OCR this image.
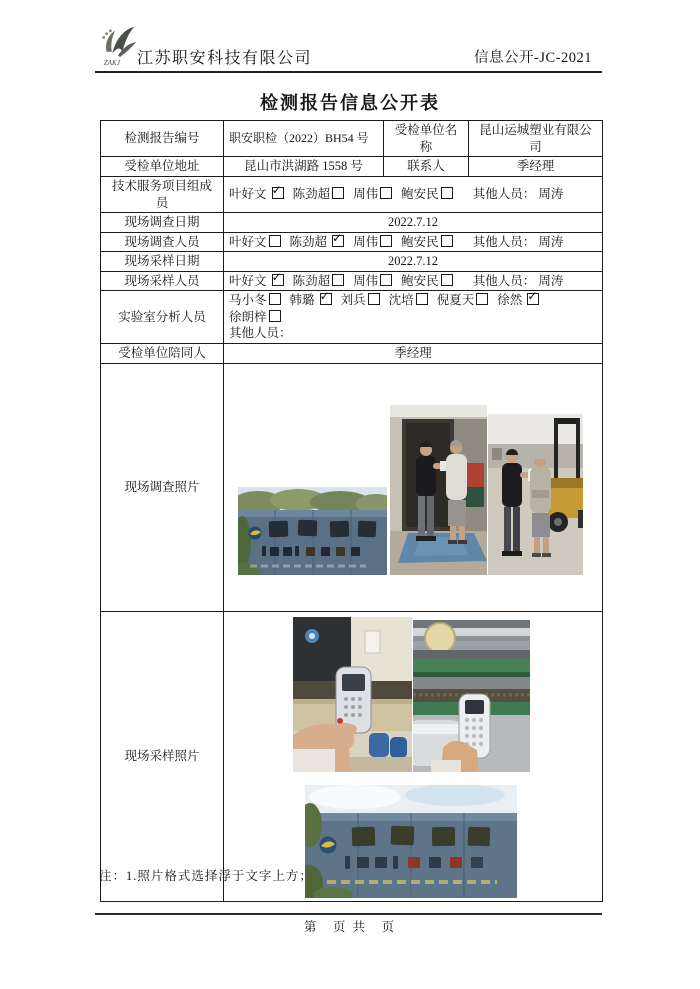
ZAKJ 江苏职安科技有限公司	信息公开-JC-2021
检测报告信息公开表
检测报告编号	职安职检（2022）BH54 号	受检单位名称	昆山运城塑业有限公司
受检单位地址	昆山市洪湖路 1558 号	联系人	季经理
技术服务项目组成员	叶好文 ✓陈劲超 周伟 鲍安民 其他人员： 周涛
现场调查日期	2022.7.12		
现场调查人员	叶好文 陈劲超 ✓周伟 鲍安民 其他人员： 周涛
现场采样日期	2022.7.12		
现场采样人员	叶好文 ✓陈劲超 周伟 鲍安民 其他人员： 周涛
实验室分析人员	马小冬 韩璐 ✓刘兵 沈培 倪夏天 徐然 ✓徐朗梓
其他人员：

受检单位陪同人	季经理		
现场调查照片	

现场采样照片	
注：1.照片格式选择浮于文字上方；
第　页 共　页
